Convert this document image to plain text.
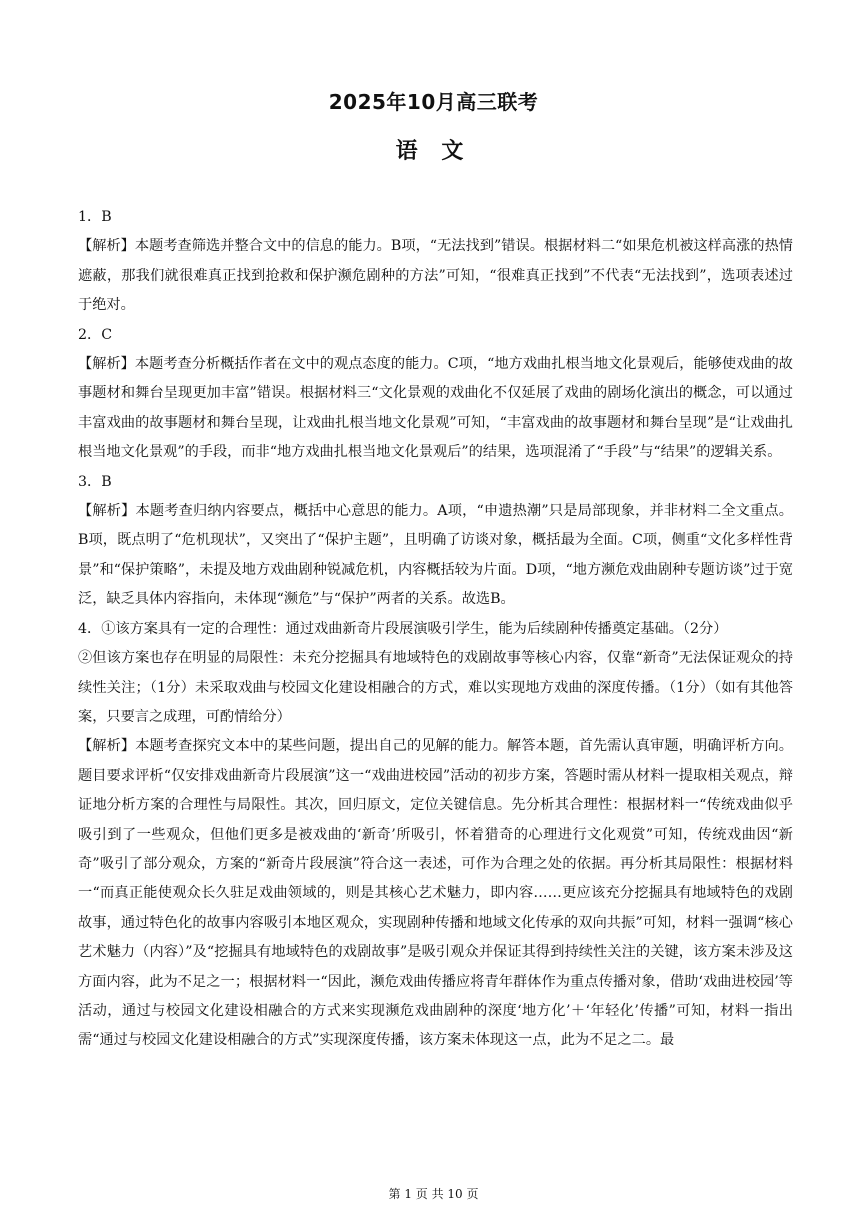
2025年10月高三联考
语 文

1．B

【解析】本题考查筛选并整合文中的信息的能力。B项，“无法找到”错误。根据材料二“如果危机被这样高涨的热情遮蔽，那我们就很难真正找到抢救和保护濒危剧种的方法”可知，“很难真正找到”不代表“无法找到”，选项表述过于绝对。

2．C

【解析】本题考查分析概括作者在文中的观点态度的能力。C项，“地方戏曲扎根当地文化景观后，能够使戏曲的故事题材和舞台呈现更加丰富”错误。根据材料三“文化景观的戏曲化不仅延展了戏曲的剧场化演出的概念，可以通过丰富戏曲的故事题材和舞台呈现，让戏曲扎根当地文化景观”可知，“丰富戏曲的故事题材和舞台呈现”是“让戏曲扎根当地文化景观”的手段，而非“地方戏曲扎根当地文化景观后”的结果，选项混淆了“手段”与“结果”的逻辑关系。

3．B

【解析】本题考查归纳内容要点，概括中心意思的能力。A项，“申遗热潮”只是局部现象，并非材料二全文重点。B项，既点明了“危机现状”，又突出了“保护主题”，且明确了访谈对象，概括最为全面。C项，侧重“文化多样性背景”和“保护策略”，未提及地方戏曲剧种锐减危机，内容概括较为片面。D项，“地方濒危戏曲剧种专题访谈”过于宽泛，缺乏具体内容指向，未体现“濒危”与“保护”两者的关系。故选B。

4．①该方案具有一定的合理性：通过戏曲新奇片段展演吸引学生，能为后续剧种传播奠定基础。（2分）

②但该方案也存在明显的局限性：未充分挖掘具有地域特色的戏剧故事等核心内容，仅靠“新奇”无法保证观众的持续性关注；（1分）未采取戏曲与校园文化建设相融合的方式，难以实现地方戏曲的深度传播。（1分）（如有其他答案，只要言之成理，可酌情给分）

【解析】本题考查探究文本中的某些问题，提出自己的见解的能力。解答本题，首先需认真审题，明确评析方向。题目要求评析“仅安排戏曲新奇片段展演”这一“戏曲进校园”活动的初步方案，答题时需从材料一提取相关观点，辩证地分析方案的合理性与局限性。其次，回归原文，定位关键信息。先分析其合理性：根据材料一“传统戏曲似乎吸引到了一些观众，但他们更多是被戏曲的‘新奇’所吸引，怀着猎奇的心理进行文化观赏”可知，传统戏曲因“新奇”吸引了部分观众，方案的“新奇片段展演”符合这一表述，可作为合理之处的依据。再分析其局限性：根据材料一“而真正能使观众长久驻足戏曲领域的，则是其核心艺术魅力，即内容……更应该充分挖掘具有地域特色的戏剧故事，通过特色化的故事内容吸引本地区观众，实现剧种传播和地域文化传承的双向共振”可知，材料一强调“核心艺术魅力（内容）”及“挖掘具有地域特色的戏剧故事”是吸引观众并保证其得到持续性关注的关键，该方案未涉及这方面内容，此为不足之一；根据材料一“因此，濒危戏曲传播应将青年群体作为重点传播对象，借助‘戏曲进校园’等活动，通过与校园文化建设相融合的方式来实现濒危戏曲剧种的深度‘地方化’＋‘年轻化’传播”可知，材料一指出需“通过与校园文化建设相融合的方式”实现深度传播，该方案未体现这一点，此为不足之二。最

第 1 页 共 10 页
